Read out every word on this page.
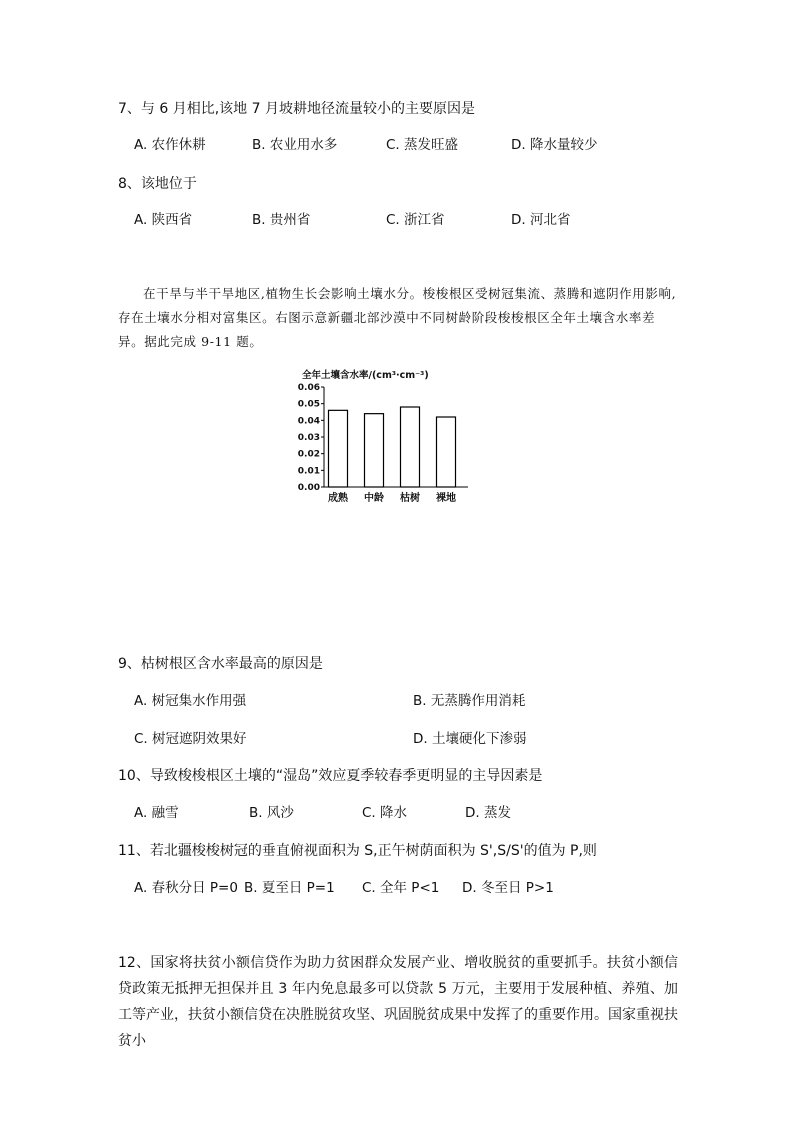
7、与 6 月相比,该地 7 月坡耕地径流量较小的主要原因是
A. 农作休耕	B. 农业用水多	C. 蒸发旺盛	D. 降水量较少
8、该地位于
A. 陕西省	B. 贵州省	C. 浙江省	D. 河北省
在干旱与半干旱地区,植物生长会影响土壤水分。梭梭根区受树冠集流、蒸腾和遮阴作用影响,存在土壤水分相对富集区。右图示意新疆北部沙漠中不同树龄阶段梭梭根区全年土壤含水率差异。据此完成 9-11 题。
全年土壤含水率/(cm³·cm⁻³)
0.06
0.05
0.04
0.03
0.02
0.01
0.00
成熟 中龄 枯树 裸地
9、枯树根区含水率最高的原因是
A. 树冠集水作用强	B. 无蒸腾作用消耗
C. 树冠遮阴效果好	D. 土壤硬化下渗弱
10、导致梭梭根区土壤的“湿岛”效应夏季较春季更明显的主导因素是
A. 融雪	B. 风沙	C. 降水	D. 蒸发
11、若北疆梭梭树冠的垂直俯视面积为 S,正午树荫面积为 S',S/S'的值为 P,则
A. 春秋分日 P=0 B. 夏至日 P=1 C. 全年 P<1 D. 冬至日 P>1
12、国家将扶贫小额信贷作为助力贫困群众发展产业、增收脱贫的重要抓手。扶贫小额信贷政策无抵押无担保并且 3 年内免息最多可以贷款 5 万元，主要用于发展种植、养殖、加工等产业，扶贫小额信贷在决胜脱贫攻坚、巩固脱贫成果中发挥了的重要作用。国家重视扶贫小
